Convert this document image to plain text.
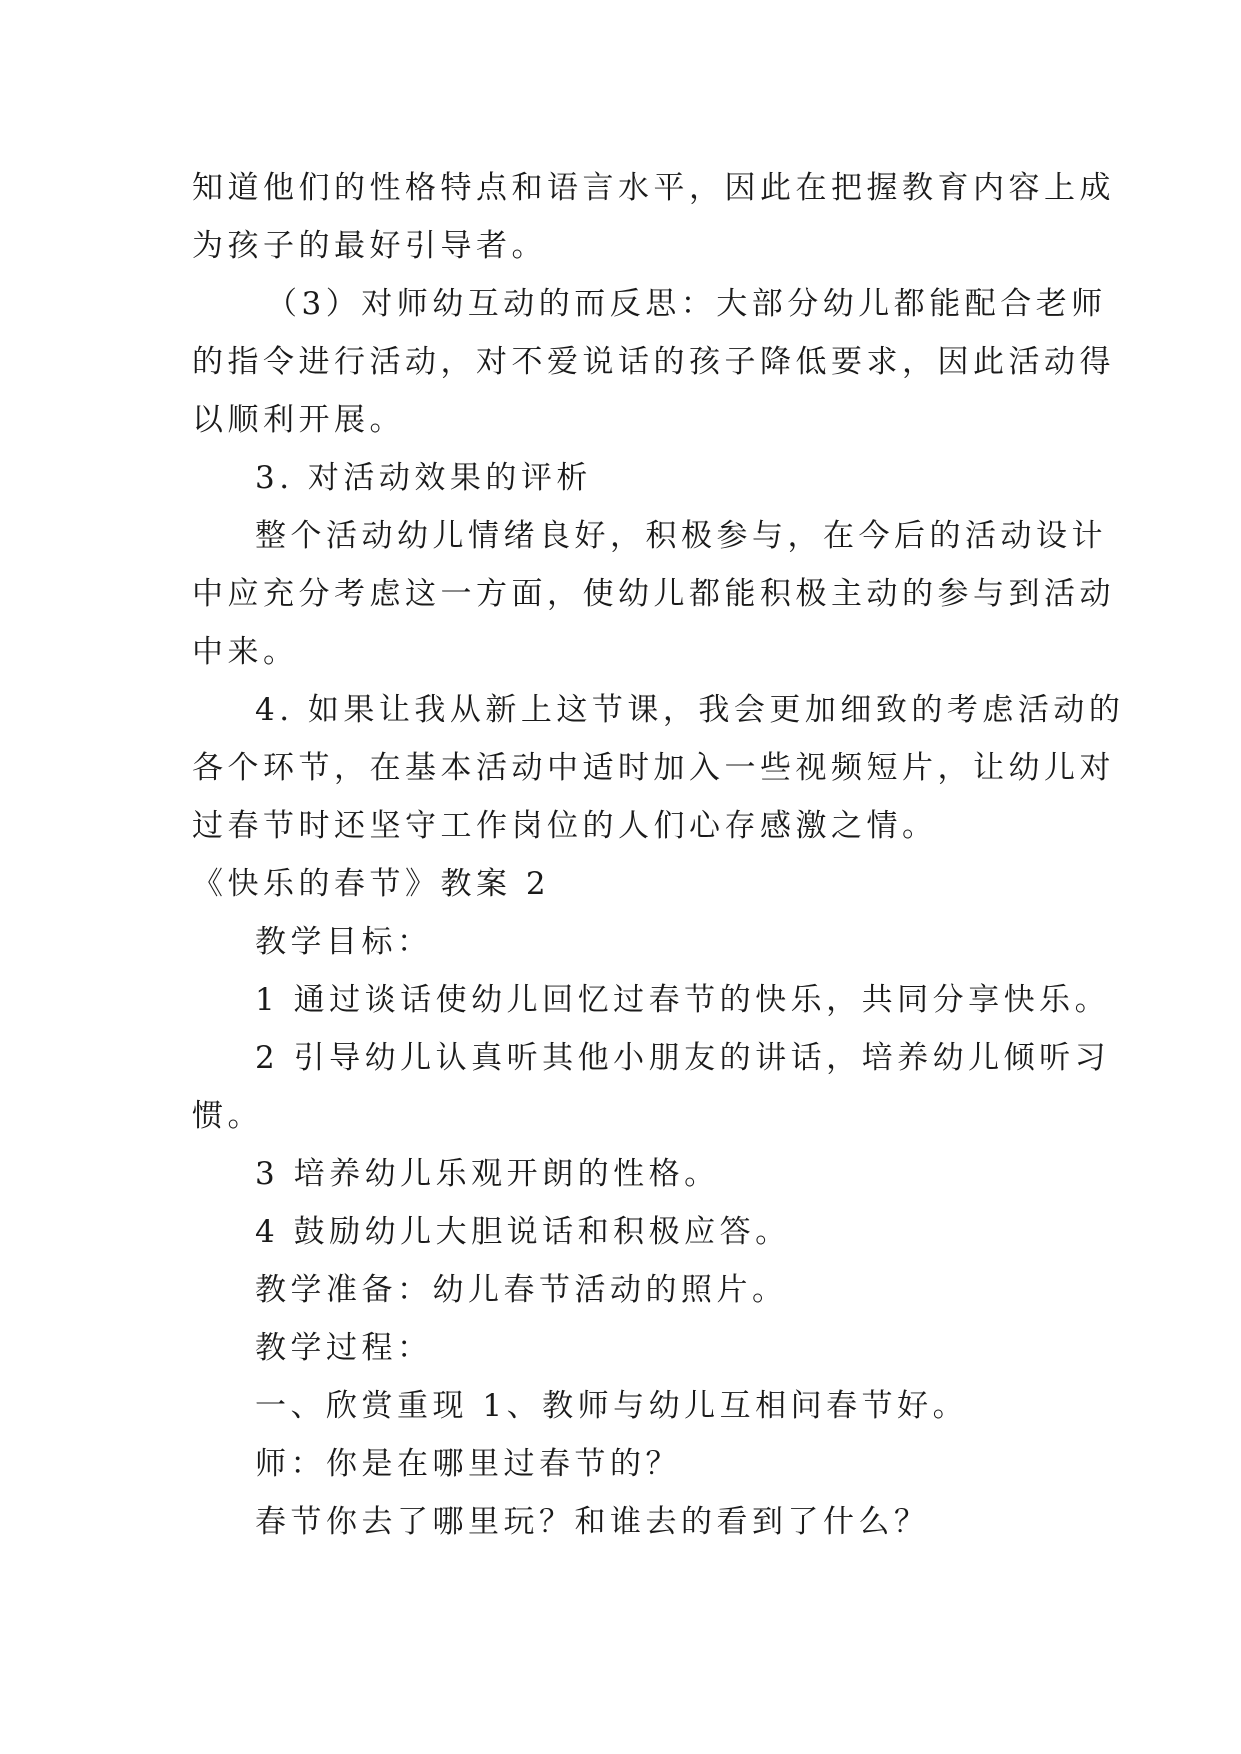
知道他们的性格特点和语言水平，因此在把握教育内容上成
为孩子的最好引导者。
（3）对师幼互动的而反思：大部分幼儿都能配合老师
的指令进行活动，对不爱说话的孩子降低要求，因此活动得
以顺利开展。
3. 对活动效果的评析
整个活动幼儿情绪良好，积极参与，在今后的活动设计
中应充分考虑这一方面，使幼儿都能积极主动的参与到活动
中来。
4. 如果让我从新上这节课，我会更加细致的考虑活动的
各个环节，在基本活动中适时加入一些视频短片，让幼儿对
过春节时还坚守工作岗位的人们心存感激之情。
《快乐的春节》教案 2
教学目标：
1 通过谈话使幼儿回忆过春节的快乐，共同分享快乐。
2 引导幼儿认真听其他小朋友的讲话，培养幼儿倾听习
惯。
3 培养幼儿乐观开朗的性格。
4 鼓励幼儿大胆说话和积极应答。
教学准备：幼儿春节活动的照片。
教学过程：
一、欣赏重现 1、教师与幼儿互相问春节好。
师：你是在哪里过春节的？
春节你去了哪里玩？和谁去的看到了什么？
